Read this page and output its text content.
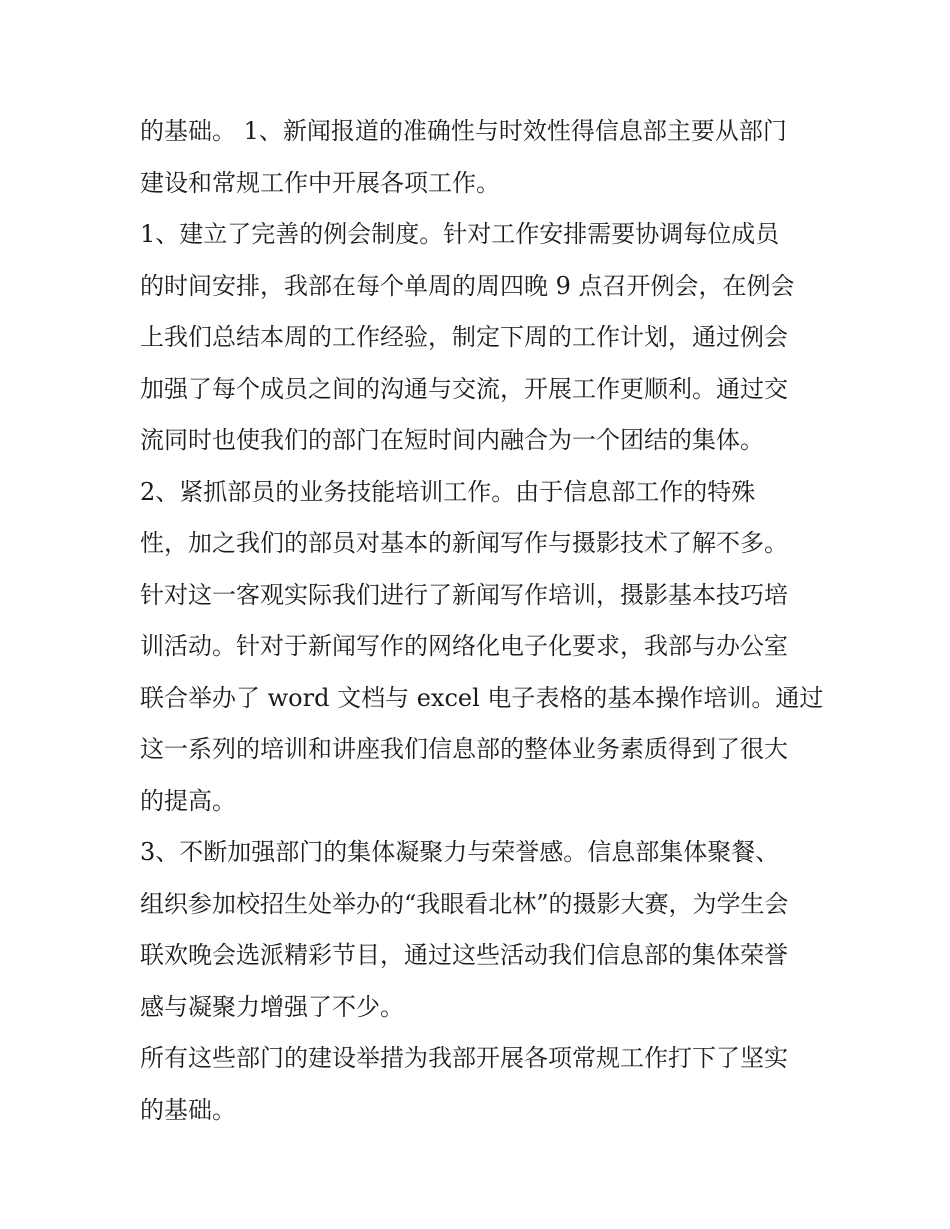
的基础。 1、新闻报道的准确性与时效性得信息部主要从部门
建设和常规工作中开展各项工作。
1、建立了完善的例会制度。针对工作安排需要协调每位成员
的时间安排，我部在每个单周的周四晚 9 点召开例会，在例会
上我们总结本周的工作经验，制定下周的工作计划，通过例会
加强了每个成员之间的沟通与交流，开展工作更顺利。通过交
流同时也使我们的部门在短时间内融合为一个团结的集体。
2、紧抓部员的业务技能培训工作。由于信息部工作的特殊
性，加之我们的部员对基本的新闻写作与摄影技术了解不多。
针对这一客观实际我们进行了新闻写作培训，摄影基本技巧培
训活动。针对于新闻写作的网络化电子化要求，我部与办公室
联合举办了 word 文档与 excel 电子表格的基本操作培训。通过
这一系列的培训和讲座我们信息部的整体业务素质得到了很大
的提高。
3、不断加强部门的集体凝聚力与荣誉感。信息部集体聚餐、
组织参加校招生处举办的“我眼看北林”的摄影大赛，为学生会
联欢晚会选派精彩节目，通过这些活动我们信息部的集体荣誉
感与凝聚力增强了不少。
所有这些部门的建设举措为我部开展各项常规工作打下了坚实
的基础。
